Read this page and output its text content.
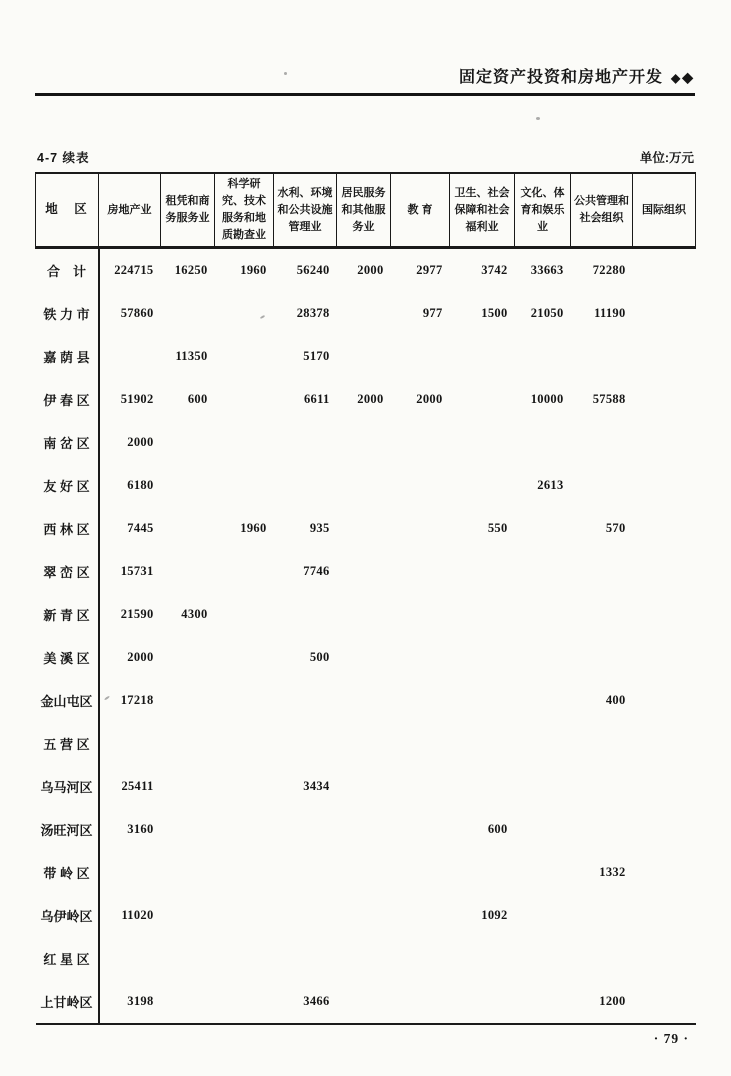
固定资产投资和房地产开发 ◆◆
4-7 续表	单位:万元
地　区	房地产业	租凭和商务服务业	科学研究、技术服务和地质勘查业	水利、环境和公共设施管理业	居民服务和其他服务业	教 育	卫生、社会保障和社会福利业	文化、体育和娱乐业	公共管理和社会组织	国际组织
合　计	224715	16250	1960	56240	2000	2977	3742	33663	72280	
铁 力 市	57860			28378		977	1500	21050	11190	
嘉 荫 县		11350		5170						
伊 春 区	51902	600		6611	2000	2000		10000	57588	
南 岔 区	2000									
友 好 区	6180							2613		
西 林 区	7445		1960	935			550		570	
翠 峦 区	15731			7746						
新 青 区	21590	4300								
美 溪 区	2000			500						
金山屯区	17218								400	
五 营 区										
乌马河区	25411			3434						
汤旺河区	3160						600			
带 岭 区									1332	
乌伊岭区	11020						1092			
红 星 区										
上甘岭区	3198			3466					1200	
· 79 ·
